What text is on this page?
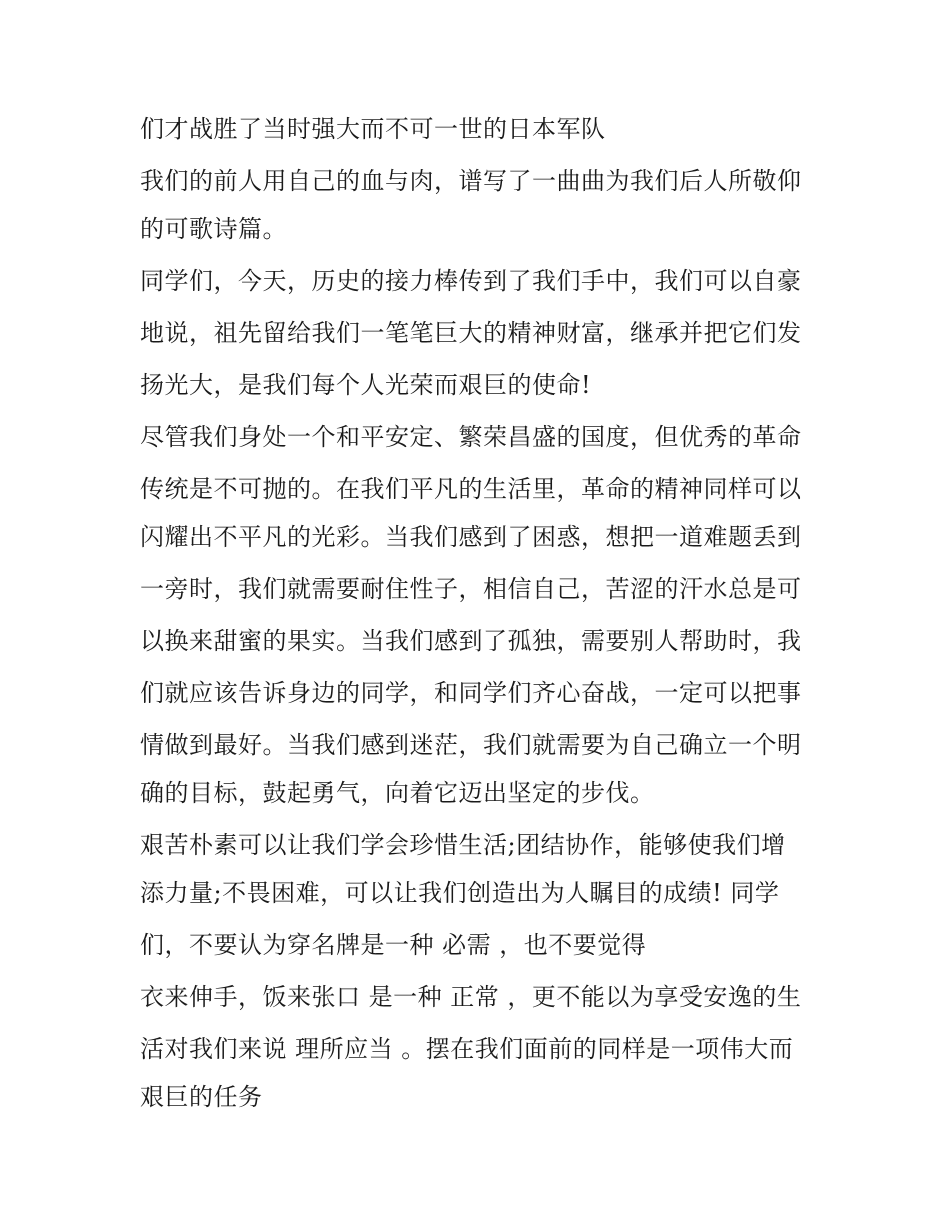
们才战胜了当时强大而不可一世的日本军队
我们的前人用自己的血与肉，谱写了一曲曲为我们后人所敬仰
的可歌诗篇。
同学们，今天，历史的接力棒传到了我们手中，我们可以自豪
地说，祖先留给我们一笔笔巨大的精神财富，继承并把它们发
扬光大，是我们每个人光荣而艰巨的使命!
尽管我们身处一个和平安定、繁荣昌盛的国度，但优秀的革命
传统是不可抛的。在我们平凡的生活里，革命的精神同样可以
闪耀出不平凡的光彩。当我们感到了困惑，想把一道难题丢到
一旁时，我们就需要耐住性子，相信自己，苦涩的汗水总是可
以换来甜蜜的果实。当我们感到了孤独，需要别人帮助时，我
们就应该告诉身边的同学，和同学们齐心奋战，一定可以把事
情做到最好。当我们感到迷茫，我们就需要为自己确立一个明
确的目标，鼓起勇气，向着它迈出坚定的步伐。
艰苦朴素可以让我们学会珍惜生活;团结协作，能够使我们增
添力量;不畏困难，可以让我们创造出为人瞩目的成绩! 同学
们，不要认为穿名牌是一种 必需 ，也不要觉得
衣来伸手，饭来张口 是一种 正常 ，更不能以为享受安逸的生
活对我们来说 理所应当 。摆在我们面前的同样是一项伟大而
艰巨的任务
